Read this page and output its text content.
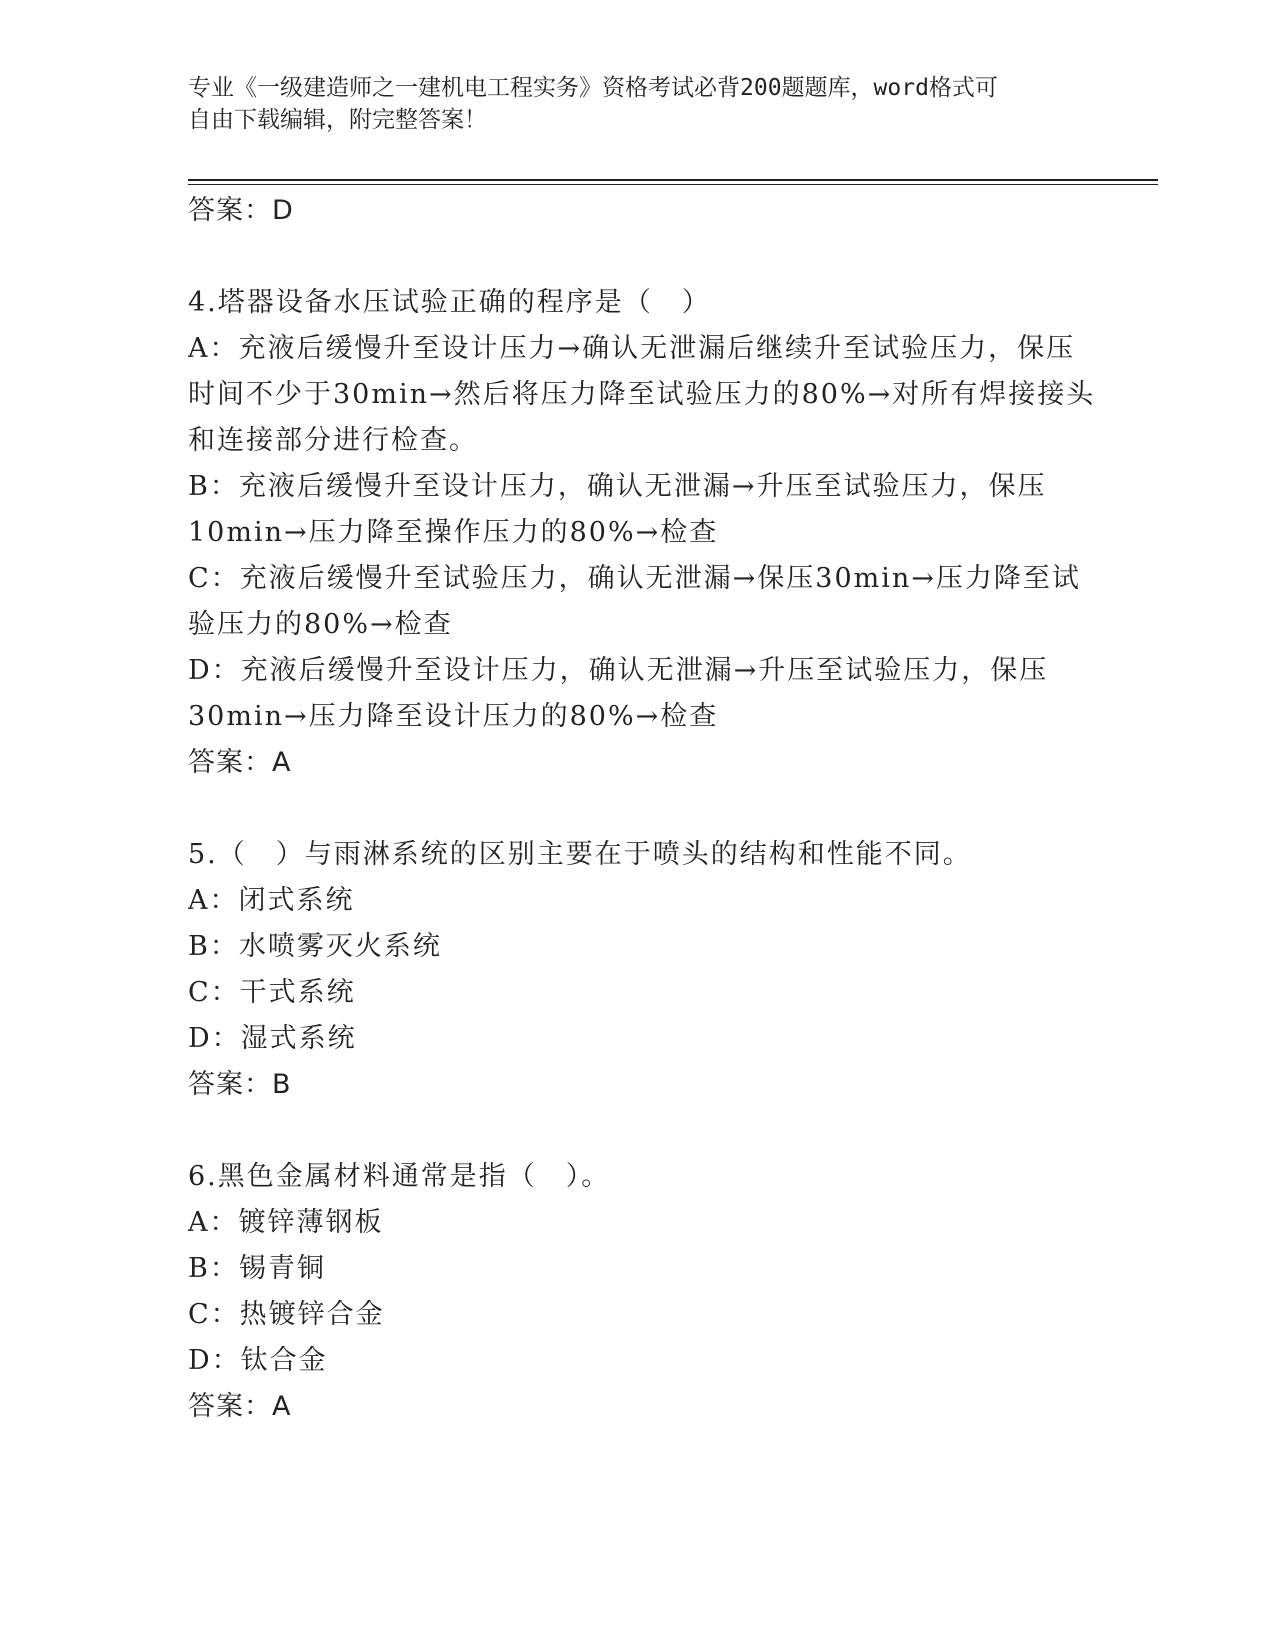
专业《一级建造师之一建机电工程实务》资格考试必背200题题库，word格式可
自由下载编辑，附完整答案！
答案：D
4.塔器设备水压试验正确的程序是（　）
A：充液后缓慢升至设计压力→确认无泄漏后继续升至试验压力，保压
时间不少于30min→然后将压力降至试验压力的80%→对所有焊接接头
和连接部分进行检查。
B：充液后缓慢升至设计压力，确认无泄漏→升压至试验压力，保压
10min→压力降至操作压力的80%→检查
C：充液后缓慢升至试验压力，确认无泄漏→保压30min→压力降至试
验压力的80%→检查
D：充液后缓慢升至设计压力，确认无泄漏→升压至试验压力，保压
30min→压力降至设计压力的80%→检查
答案：A
5.（　）与雨淋系统的区别主要在于喷头的结构和性能不同。
A：闭式系统
B：水喷雾灭火系统
C：干式系统
D：湿式系统
答案：B
6.黑色金属材料通常是指（　）。
A：镀锌薄钢板
B：锡青铜
C：热镀锌合金
D：钛合金
答案：A
